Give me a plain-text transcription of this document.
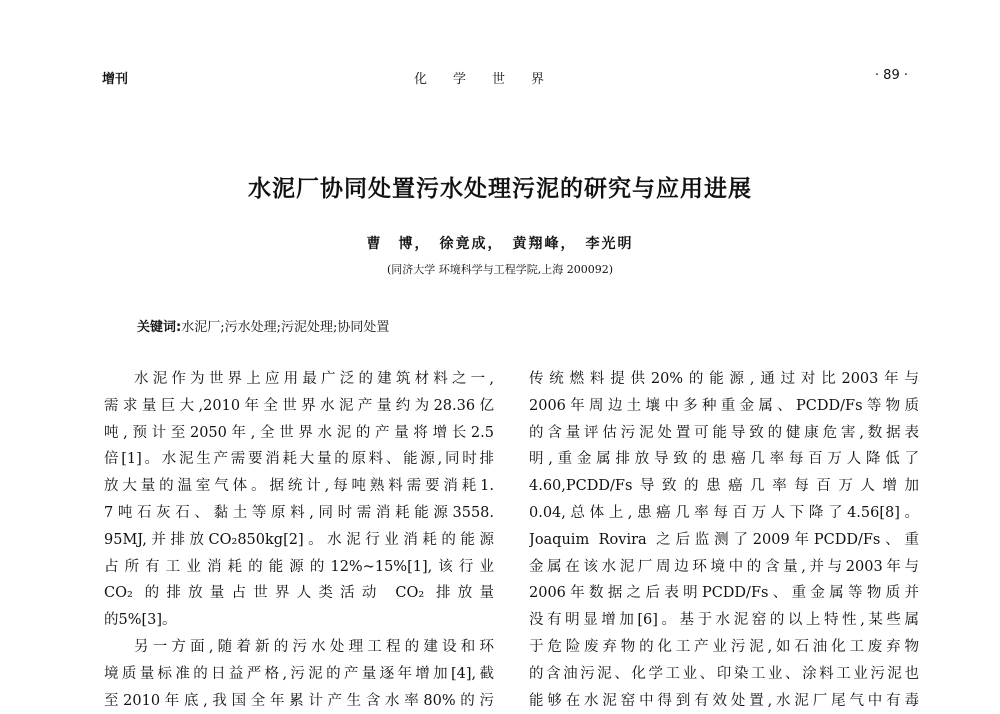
增刊	化学世界	· 89 ·
水泥厂协同处置污水处理污泥的研究与应用进展
曹　博，　徐竟成，　黄翔峰，　李光明
(同济大学 环境科学与工程学院,上海 200092)
关键词:水泥厂;污水处理;污泥处理;协同处置
水泥作为世界上应用最广泛的建筑材料之一,
需求量巨大,2010年全世界水泥产量约为28.36亿
吨,预计至2050年,全世界水泥的产量将增长2.5
倍[1]。水泥生产需要消耗大量的原料、能源,同时排
放大量的温室气体。据统计,每吨熟料需要消耗1.
7吨石灰石、黏土等原料,同时需消耗能源3558.
95MJ,并排放CO₂850kg[2]。水泥行业消耗的能源
占所有工业消耗的能源的12%~15%[1],该行业
CO₂ 的排放量占世界人类活动 CO₂ 排放量
的5%[3]。
另一方面,随着新的污水处理工程的建设和环
境质量标准的日益严格,污泥的产量逐年增加[4],截
至2010年底,我国全年累计产生含水率80%的污
传统燃料提供20%的能源,通过对比2003年与
2006年周边土壤中多种重金属、PCDD/Fs等物质
的含量评估污泥处置可能导致的健康危害,数据表
明,重金属排放导致的患癌几率每百万人降低了
4.60,PCDD/Fs导致的患癌几率每百万人增加
0.04,总体上,患癌几率每百万人下降了4.56[8]。
Joaquim Rovira 之后监测了2009年PCDD/Fs、重
金属在该水泥厂周边环境中的含量,并与2003年与
2006年数据之后表明PCDD/Fs、重金属等物质并
没有明显增加[6]。基于水泥窑的以上特性,某些属
于危险废弃物的化工产业污泥,如石油化工废弃物
的含油污泥、化学工业、印染工业、涂料工业污泥也
能够在水泥窑中得到有效处置,水泥厂尾气中有毒
